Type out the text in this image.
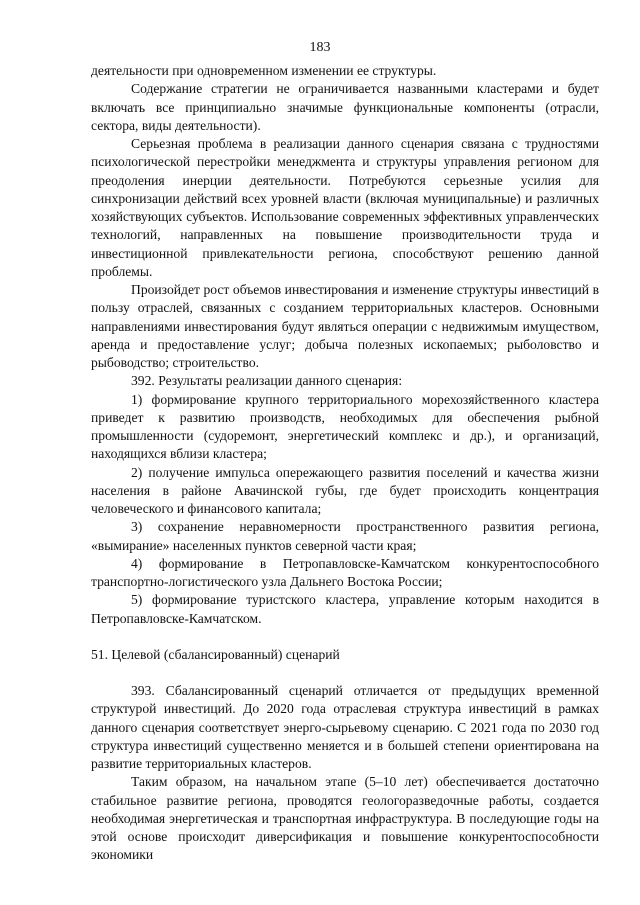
183

деятельности при одновременном изменении ее структуры.

Содержание стратегии не ограничивается названными кластерами и будет включать все принципиально значимые функциональные компоненты (отрасли, сектора, виды деятельности).

Серьезная проблема в реализации данного сценария связана с трудностями психологической перестройки менеджмента и структуры управления регионом для преодоления инерции деятельности. Потребуются серьезные усилия для синхронизации действий всех уровней власти (включая муниципальные) и различных хозяйствующих субъектов. Использование современных эффективных управленческих технологий, направленных на повышение производительности труда и инвестиционной привлекательности региона, способствуют решению данной проблемы.

Произойдет рост объемов инвестирования и изменение структуры инвестиций в пользу отраслей, связанных с созданием территориальных кластеров. Основными направлениями инвестирования будут являться операции с недвижимым имуществом, аренда и предоставление услуг; добыча полезных ископаемых; рыболовство и рыбоводство; строительство.

392. Результаты реализации данного сценария:

1) формирование крупного территориального морехозяйственного кластера приведет к развитию производств, необходимых для обеспечения рыбной промышленности (судоремонт, энергетический комплекс и др.), и организаций, находящихся вблизи кластера;

2) получение импульса опережающего развития поселений и качества жизни населения в районе Авачинской губы, где будет происходить концентрация человеческого и финансового капитала;

3) сохранение неравномерности пространственного развития региона, «вымирание» населенных пунктов северной части края;

4) формирование в Петропавловске-Камчатском конкурентоспособного транспортно-логистического узла Дальнего Востока России;

5) формирование туристского кластера, управление которым находится в Петропавловске-Камчатском.

51. Целевой (сбалансированный) сценарий

393. Сбалансированный сценарий отличается от предыдущих временной структурой инвестиций. До 2020 года отраслевая структура инвестиций в рамках данного сценария соответствует энерго-сырьевому сценарию. С 2021 года по 2030 год структура инвестиций существенно меняется и в большей степени ориентирована на развитие территориальных кластеров.

Таким образом, на начальном этапе (5–10 лет) обеспечивается достаточно стабильное развитие региона, проводятся геологоразведочные работы, создается необходимая энергетическая и транспортная инфраструктура. В последующие годы на этой основе происходит диверсификация и повышение конкурентоспособности экономики
